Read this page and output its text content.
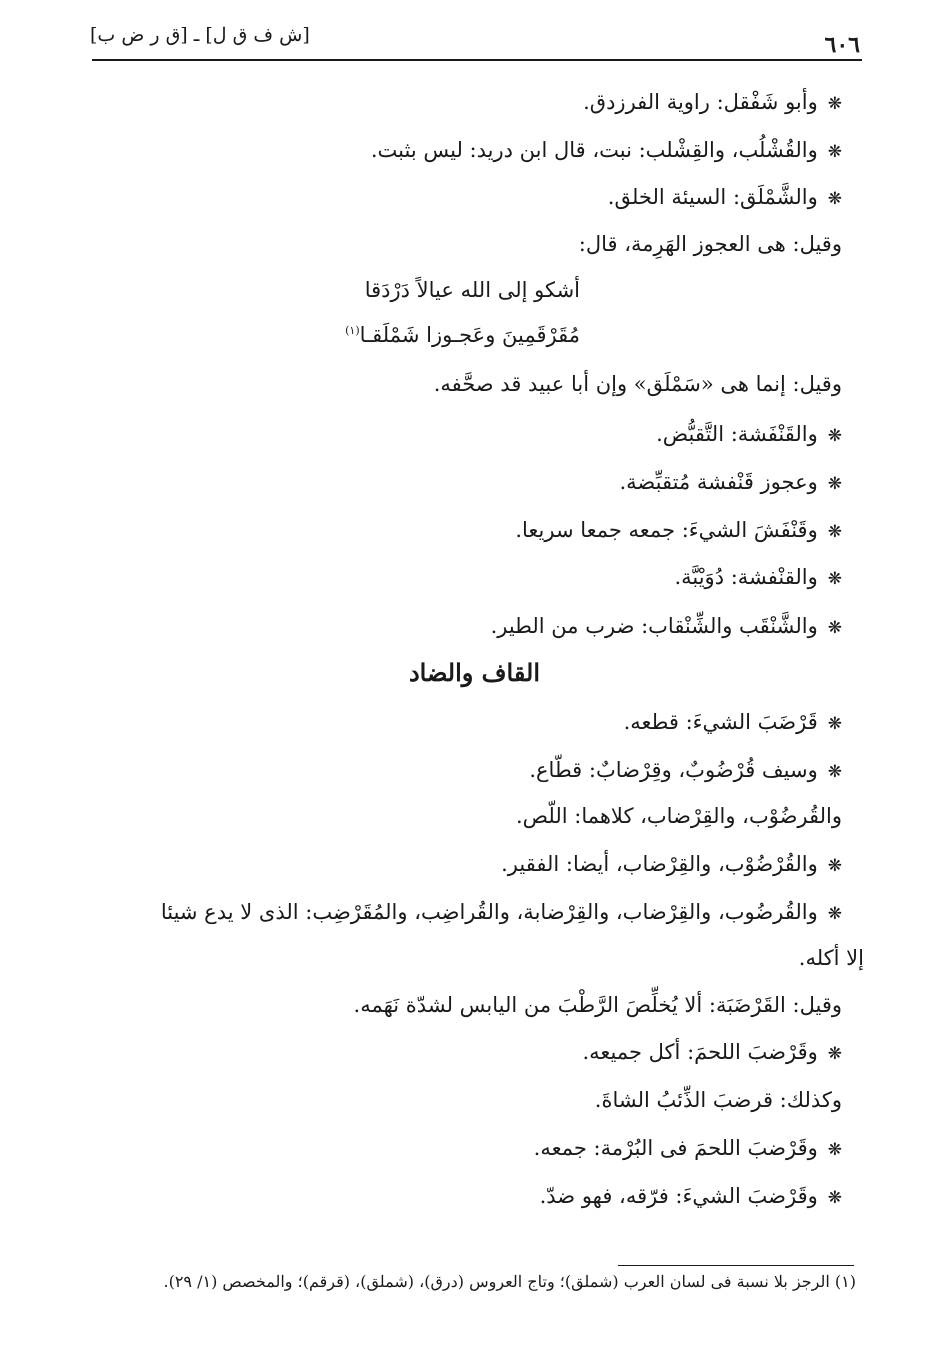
٦٠٦
[ش ف ق ل] ـ [ق ر ض ب]
❋وأبو شَفْقل: راوية الفرزدق.
❋والقُشْلُب، والقِشْلب: نبت، قال ابن دريد: ليس بثبت.
❋والشَّمْلَق: السيئة الخلق.
وقيل: هى العجوز الهَرِمة، قال:
أشكو إلى الله عيالاً دَرْدَقا
مُقَرْقَمِينَ وعَجـوزا شَمْلَقـا$^{(١)}$
وقيل: إنما هى «سَمْلَق» وإن أبا عبيد قد صحَّفه.
❋والقَنْفَشة: التَّقبُّض.
❋وعجوز قَنْفشة مُتقبِّضة.
❋وقَنْفَشَ الشيءَ: جمعه جمعا سريعا.
❋والقنْفشة: دُوَيْبَّة.
❋والشَّنْقَب والشِّنْقاب: ضرب من الطير.
القاف والضاد
❋قَرْضَبَ الشيءَ: قطعه.
❋وسيف قُرْضُوبٌ، وقِرْضابٌ: قطّاع.
والقُرضُوْب، والقِرْضاب، كلاهما: اللّص.
❋والقُرْضُوْب، والقِرْضاب، أيضا: الفقير.
❋والقُرضُوب، والقِرْضاب، والقِرْضابة، والقُراضِب، والمُقَرْضِب: الذى لا يدع شيئا
إلا أكله.
وقيل: القَرْضَبَة: ألا يُخلِّصَ الرَّطْبَ من اليابس لشدّة نَهَمه.
❋وقَرْضبَ اللحمَ: أكل جميعه.
وكذلك: قرضبَ الذِّئبُ الشاةَ.
❋وقَرْضبَ اللحمَ فى البُرْمة: جمعه.
❋وقَرْضبَ الشيءَ: فرّقه، فهو ضدّ.
(١) الرجز بلا نسبة فى لسان العرب (شملق)؛ وتاج العروس (درق)، (شملق)، (قرقم)؛ والمخصص (١/ ٢٩).
